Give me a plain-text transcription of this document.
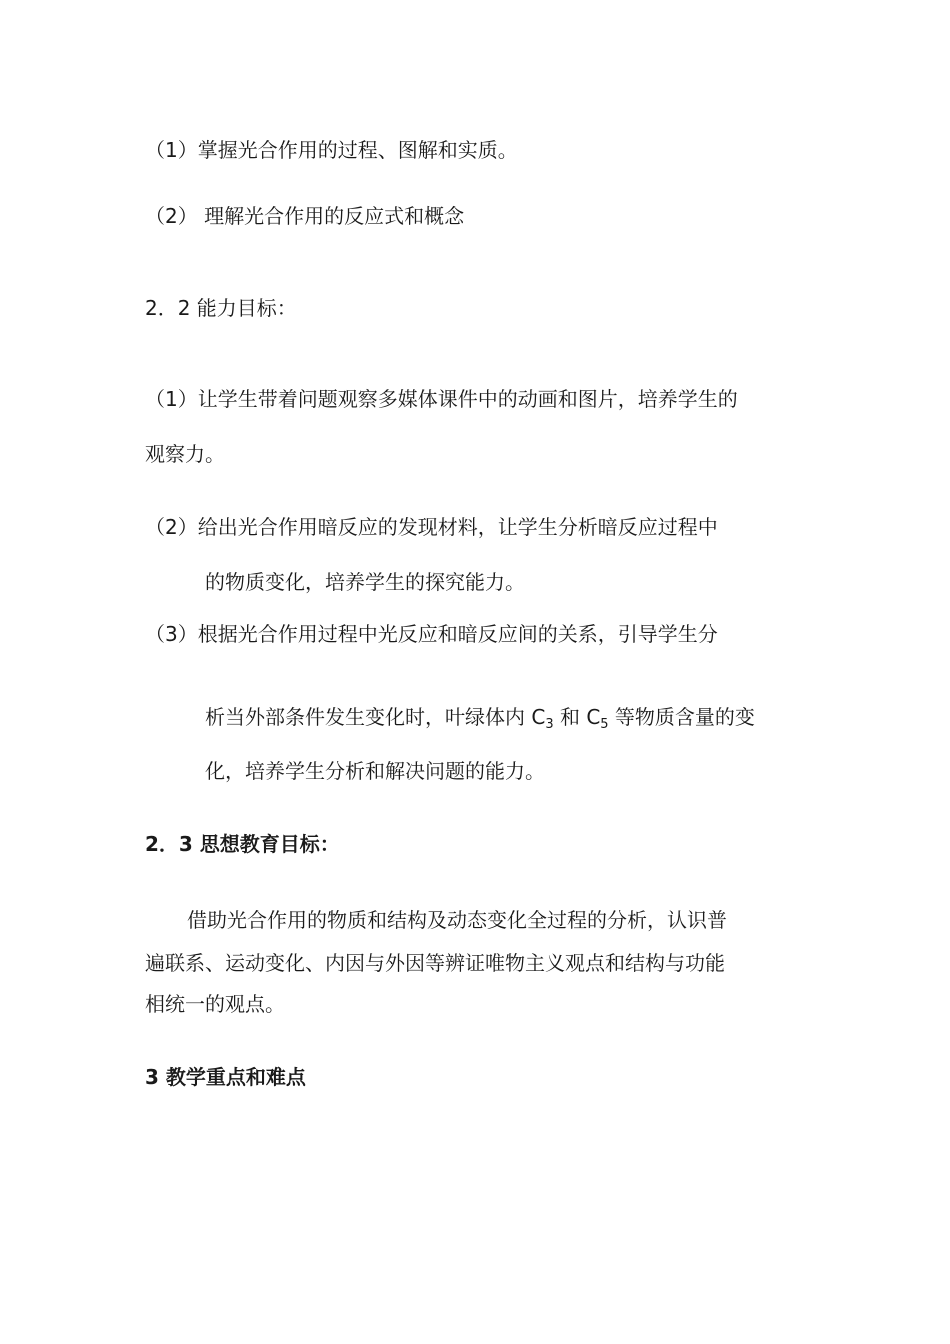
（1）掌握光合作用的过程、图解和实质。
（2） 理解光合作用的反应式和概念
2．2 能力目标：
（1）让学生带着问题观察多媒体课件中的动画和图片，培养学生的
观察力。
（2）给出光合作用暗反应的发现材料，让学生分析暗反应过程中
的物质变化，培养学生的探究能力。
（3）根据光合作用过程中光反应和暗反应间的关系，引导学生分
析当外部条件发生变化时，叶绿体内 $C_3$ 和 $C_5$ 等物质含量的变
化，培养学生分析和解决问题的能力。
2．3 思想教育目标：
借助光合作用的物质和结构及动态变化全过程的分析，认识普
遍联系、运动变化、内因与外因等辨证唯物主义观点和结构与功能
相统一的观点。
3 教学重点和难点
